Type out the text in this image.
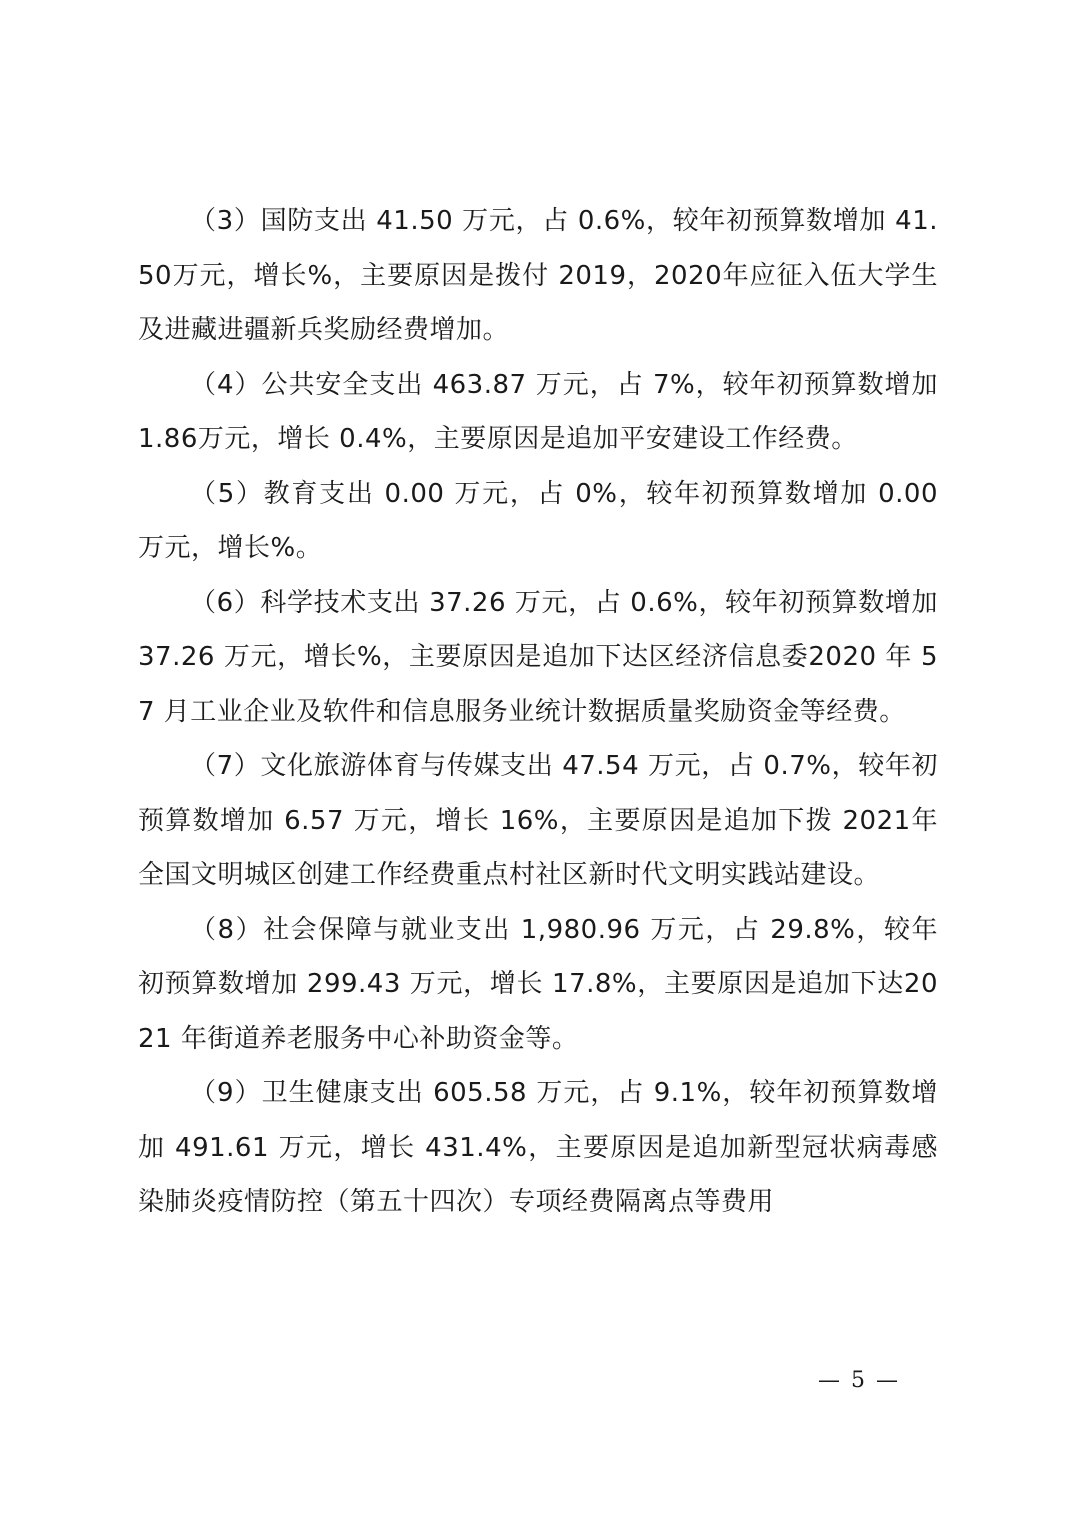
（3）国防支出 41.50 万元，占 0.6%，较年初预算数增加 41.50万元，增长%，主要原因是拨付 2019，2020年应征入伍大学生及进藏进疆新兵奖励经费增加。

（4）公共安全支出 463.87 万元，占 7%，较年初预算数增加 1.86万元，增长 0.4%，主要原因是追加平安建设工作经费。

（5）教育支出 0.00 万元，占 0%，较年初预算数增加 0.00 万元，增长%。

（6）科学技术支出 37.26 万元，占 0.6%，较年初预算数增加 37.26 万元，增长%，主要原因是追加下达区经济信息委2020 年 57 月工业企业及软件和信息服务业统计数据质量奖励资金等经费。

（7）文化旅游体育与传媒支出 47.54 万元，占 0.7%，较年初预算数增加 6.57 万元，增长 16%，主要原因是追加下拨 2021年全国文明城区创建工作经费重点村社区新时代文明实践站建设。

（8）社会保障与就业支出 1,980.96 万元，占 29.8%，较年初预算数增加 299.43 万元，增长 17.8%，主要原因是追加下达2021 年街道养老服务中心补助资金等。

（9）卫生健康支出 605.58 万元，占 9.1%，较年初预算数增加 491.61 万元，增长 431.4%，主要原因是追加新型冠状病毒感染肺炎疫情防控（第五十四次）专项经费隔离点等费用

— 5 —
